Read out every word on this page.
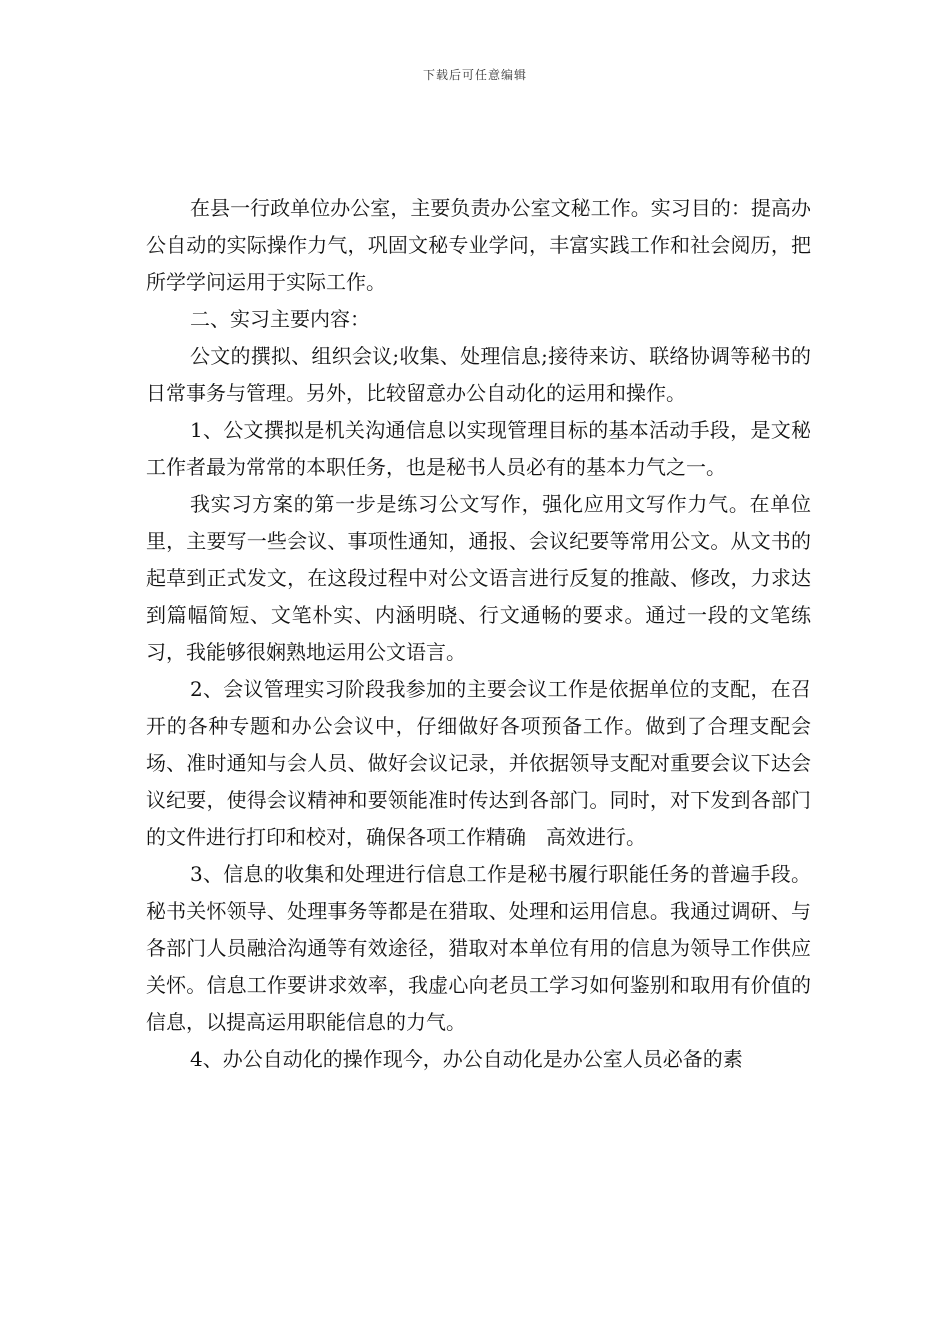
下载后可任意编辑

在县一行政单位办公室，主要负责办公室文秘工作。实习目的：提高办公自动的实际操作力气，巩固文秘专业学问，丰富实践工作和社会阅历，把所学学问运用于实际工作。

二、实习主要内容：

公文的撰拟、组织会议;收集、处理信息;接待来访、联络协调等秘书的日常事务与管理。另外，比较留意办公自动化的运用和操作。

1、公文撰拟是机关沟通信息以实现管理目标的基本活动手段，是文秘工作者最为常常的本职任务，也是秘书人员必有的基本力气之一。

我实习方案的第一步是练习公文写作，强化应用文写作力气。在单位里，主要写一些会议、事项性通知，通报、会议纪要等常用公文。从文书的起草到正式发文，在这段过程中对公文语言进行反复的推敲、修改，力求达到篇幅简短、文笔朴实、内涵明晓、行文通畅的要求。通过一段的文笔练习，我能够很娴熟地运用公文语言。

2、会议管理实习阶段我参加的主要会议工作是依据单位的支配，在召开的各种专题和办公会议中，仔细做好各项预备工作。做到了合理支配会场、准时通知与会人员、做好会议记录，并依据领导支配对重要会议下达会议纪要，使得会议精神和要领能准时传达到各部门。同时，对下发到各部门的文件进行打印和校对，确保各项工作精确　高效进行。

3、信息的收集和处理进行信息工作是秘书履行职能任务的普遍手段。秘书关怀领导、处理事务等都是在猎取、处理和运用信息。我通过调研、与各部门人员融洽沟通等有效途径，猎取对本单位有用的信息为领导工作供应关怀。信息工作要讲求效率，我虚心向老员工学习如何鉴别和取用有价值的信息，以提高运用职能信息的力气。

4、办公自动化的操作现今，办公自动化是办公室人员必备的素
